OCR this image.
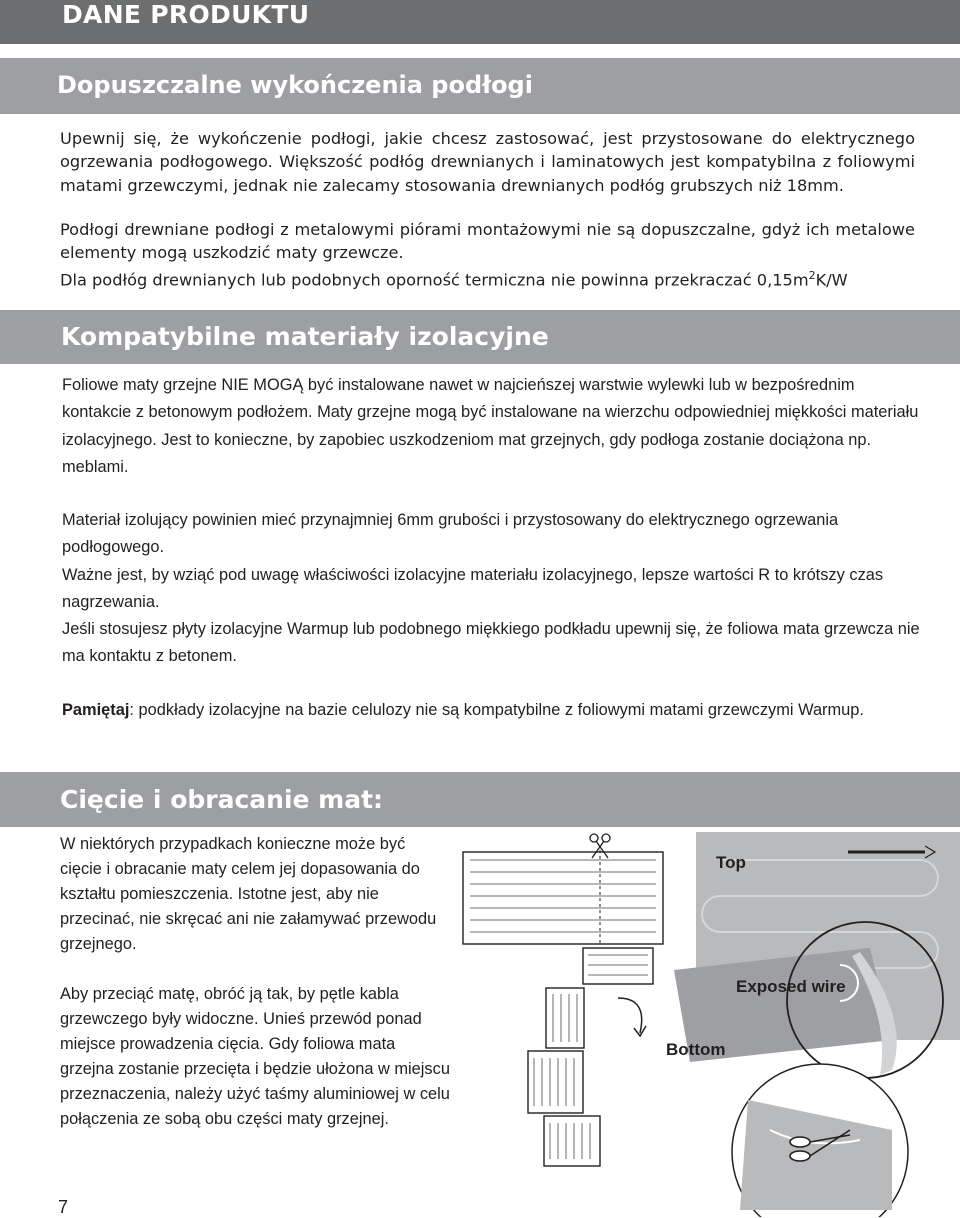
DANE PRODUKTU
Dopuszczalne wykończenia podłogi

Upewnij się, że wykończenie podłogi, jakie chcesz zastosować, jest przystosowane do elektrycznego ogrzewania podłogowego. Większość podłóg drewnianych i laminatowych jest kompatybilna z foliowymi matami grzewczymi, jednak nie zalecamy stosowania drewnianych podłóg grubszych niż 18mm.

Podłogi drewniane podłogi z metalowymi piórami montażowymi nie są dopuszczalne, gdyż ich metalowe elementy mogą uszkodzić maty grzewcze.

Dla podłóg drewnianych lub podobnych oporność termiczna nie powinna przekraczać $0,15m^2K/W$

Kompatybilne materiały izolacyjne

Foliowe maty grzejne NIE MOGĄ być instalowane nawet w najcieńszej warstwie wylewki lub w bezpośrednim kontakcie z betonowym podłożem. Maty grzejne mogą być instalowane na wierzchu odpowiedniej miękkości materiału izolacyjnego. Jest to konieczne, by zapobiec uszkodzeniom mat grzejnych, gdy podłoga zostanie dociążona np. meblami.

Materiał izolujący powinien mieć przynajmniej 6mm grubości i przystosowany do elektrycznego ogrzewania podłogowego.
Ważne jest, by wziąć pod uwagę właściwości izolacyjne materiału izolacyjnego, lepsze wartości R to krótszy czas nagrzewania.
Jeśli stosujesz płyty izolacyjne Warmup lub podobnego miękkiego podkładu upewnij się, że foliowa mata grzewcza nie ma kontaktu z betonem.

Pamiętaj: podkłady izolacyjne na bazie celulozy nie są kompatybilne z foliowymi matami grzewczymi Warmup.

Cięcie i obracanie mat:

W niektórych przypadkach konieczne może być cięcie i obracanie maty celem jej dopasowania do kształtu pomieszczenia. Istotne jest, aby nie przecinać, nie skręcać ani nie załamywać przewodu grzejnego.

Aby przeciąć matę, obróć ją tak, by pętle kabla grzewczego były widoczne. Unieś przewód ponad miejsce prowadzenia cięcia. Gdy foliowa mata grzejna zostanie przecięta i będzie ułożona w miejscu przeznaczenia, należy użyć taśmy aluminiowej w celu połączenia ze sobą obu części maty grzejnej.

Top
Exposed wire
Bottom
7
